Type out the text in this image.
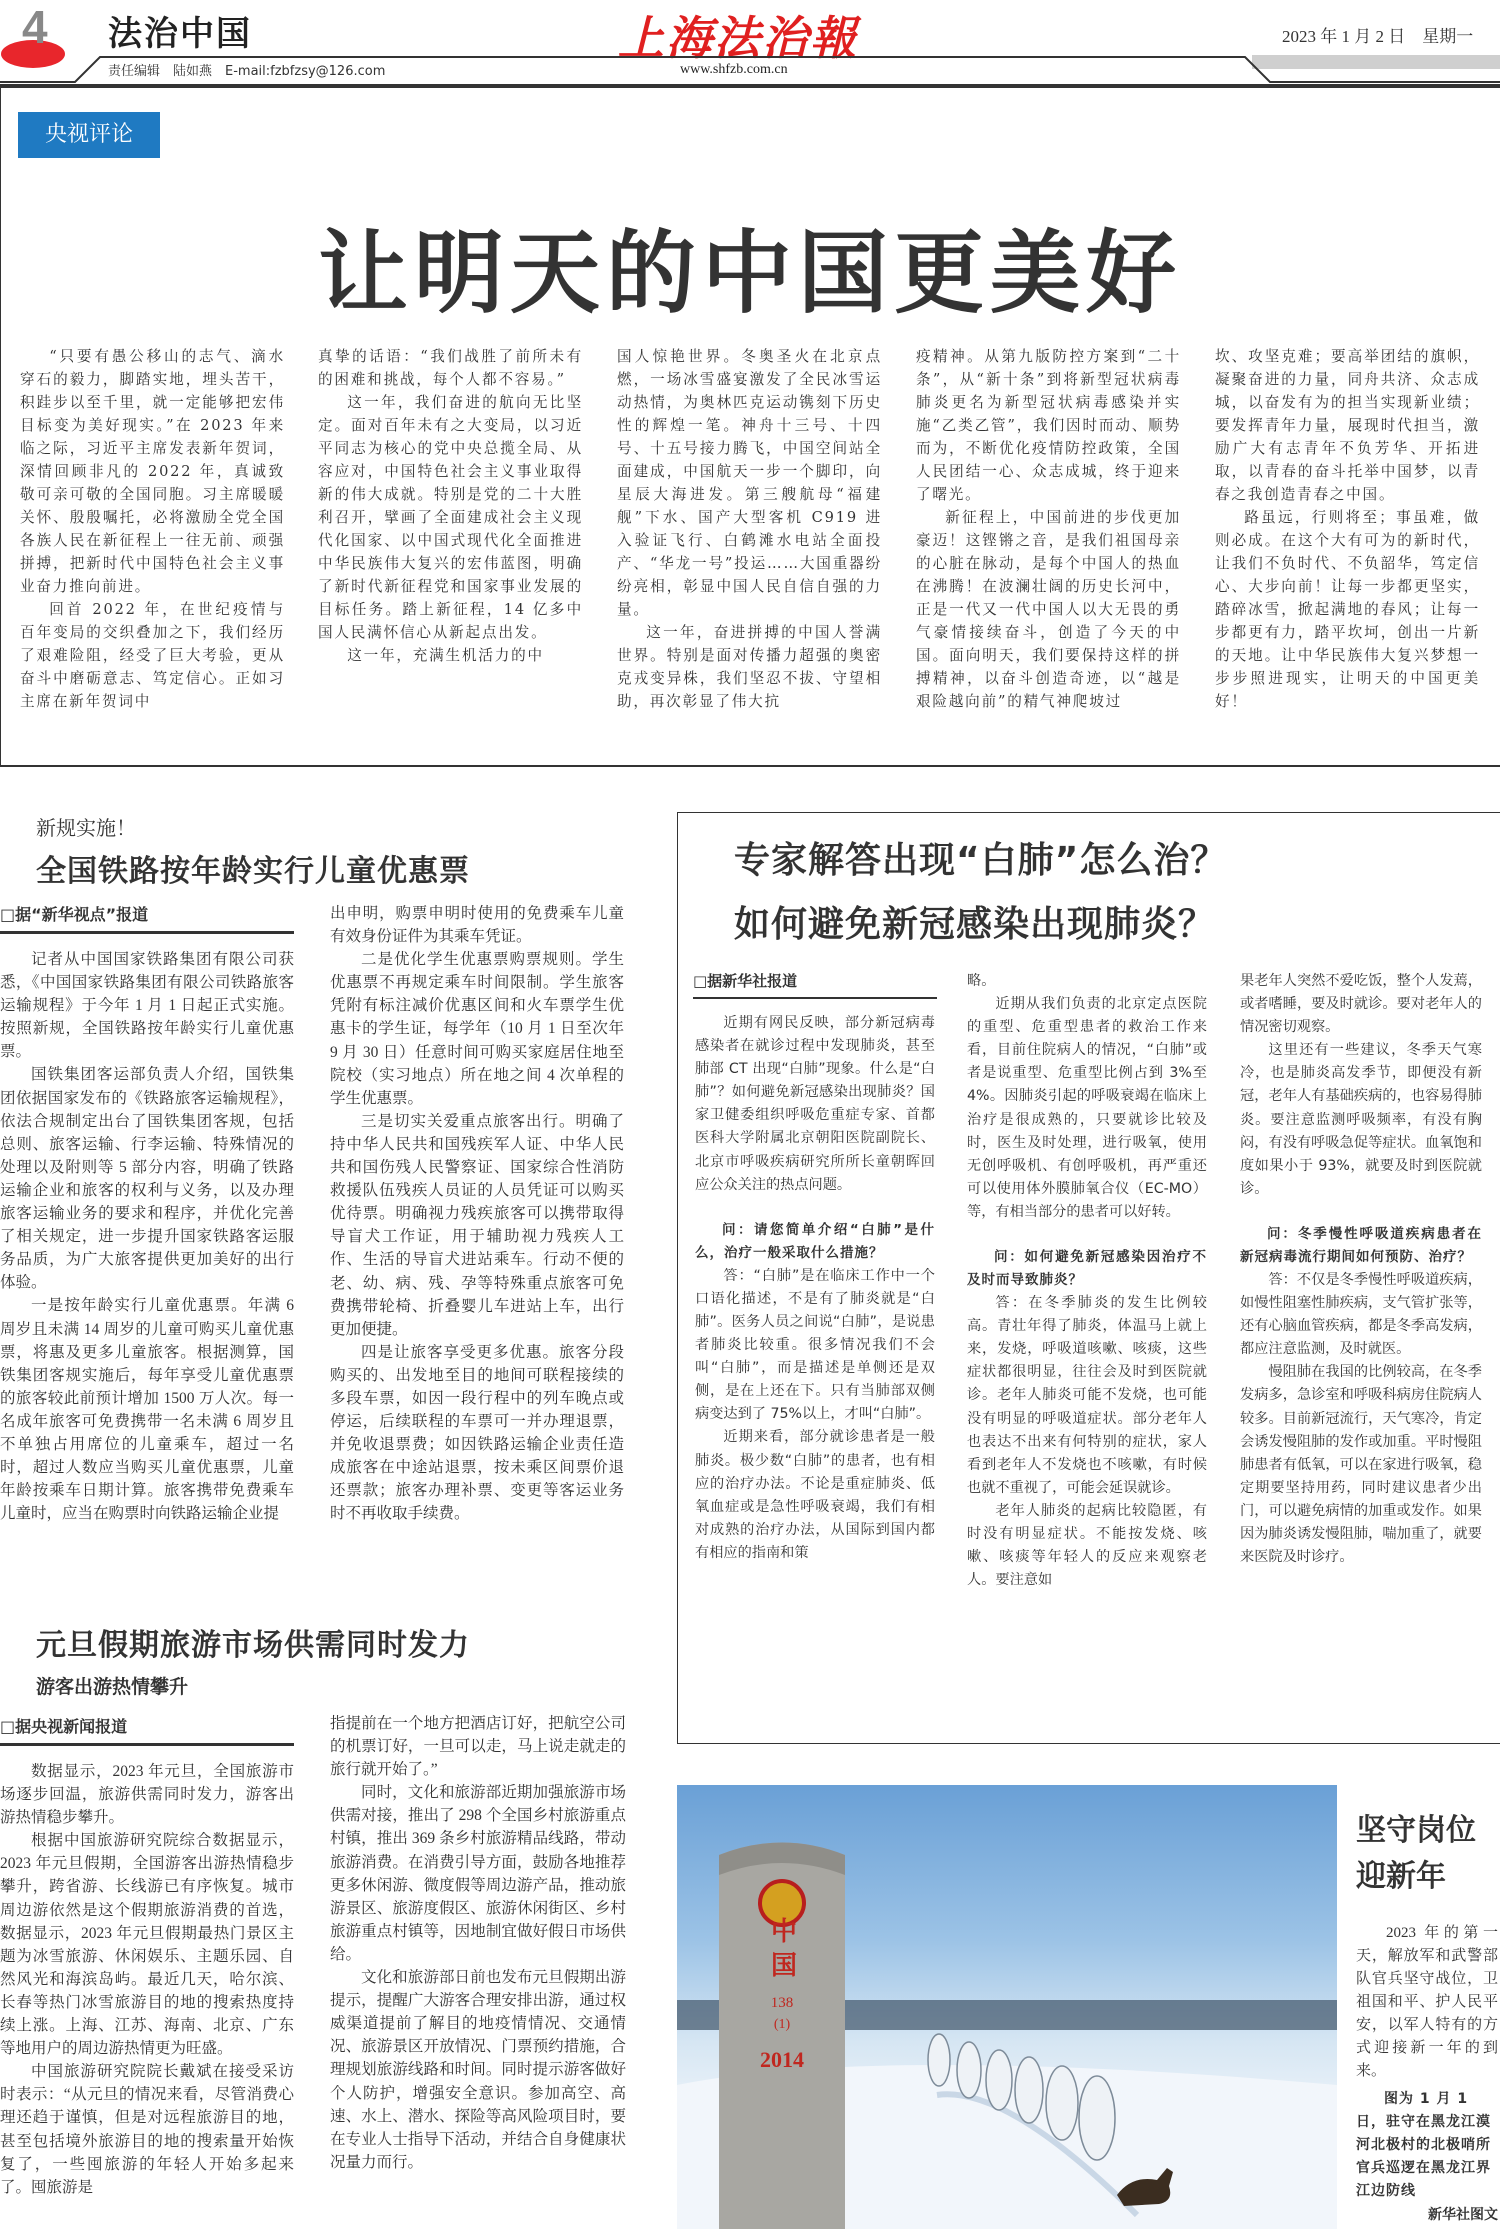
4 法治中国
责任编辑　陆如燕　E-mail:fzbfzsy@126.com
上海法治報
www.shfzb.com.cn
2023 年 1 月 2 日　星期一
央视评论
让明天的中国更美好

“只要有愚公移山的志气、滴水穿石的毅力，脚踏实地，埋头苦干，积跬步以至千里，就一定能够把宏伟目标变为美好现实。”在 2023 年来临之际，习近平主席发表新年贺词，深情回顾非凡的 2022 年，真诚致敬可亲可敬的全国同胞。习主席暖暖关怀、殷殷嘱托，必将激励全党全国各族人民在新征程上一往无前、顽强拼搏，把新时代中国特色社会主义事业奋力推向前进。

回首 2022 年，在世纪疫情与百年变局的交织叠加之下，我们经历了艰难险阻，经受了巨大考验，更从奋斗中磨砺意志、笃定信心。正如习主席在新年贺词中

真挚的话语：“我们战胜了前所未有的困难和挑战，每个人都不容易。”

这一年，我们奋进的航向无比坚定。面对百年未有之大变局，以习近平同志为核心的党中央总揽全局、从容应对，中国特色社会主义事业取得新的伟大成就。特别是党的二十大胜利召开，擘画了全面建成社会主义现代化国家、以中国式现代化全面推进中华民族伟大复兴的宏伟蓝图，明确了新时代新征程党和国家事业发展的目标任务。踏上新征程，14 亿多中国人民满怀信心从新起点出发。

这一年，充满生机活力的中

国人惊艳世界。冬奥圣火在北京点燃，一场冰雪盛宴激发了全民冰雪运动热情，为奥林匹克运动镌刻下历史性的辉煌一笔。神舟十三号、十四号、十五号接力腾飞，中国空间站全面建成，中国航天一步一个脚印，向星辰大海进发。第三艘航母“福建舰”下水、国产大型客机 C919 进入验证飞行、白鹤滩水电站全面投产、“华龙一号”投运……大国重器纷纷亮相，彰显中国人民自信自强的力量。

这一年，奋进拼搏的中国人誉满世界。特别是面对传播力超强的奥密克戎变异株，我们坚忍不拔、守望相助，再次彰显了伟大抗

疫精神。从第九版防控方案到“二十条”，从“新十条”到将新型冠状病毒肺炎更名为新型冠状病毒感染并实施“乙类乙管”，我们因时而动、顺势而为，不断优化疫情防控政策，全国人民团结一心、众志成城，终于迎来了曙光。

新征程上，中国前进的步伐更加豪迈！这铿锵之音，是我们祖国母亲的心脏在脉动，是每个中国人的热血在沸腾！在波澜壮阔的历史长河中，正是一代又一代中国人以大无畏的勇气豪情接续奋斗，创造了今天的中国。面向明天，我们要保持这样的拼搏精神，以奋斗创造奇迹，以“越是艰险越向前”的精气神爬坡过

坎、攻坚克难；要高举团结的旗帜，凝聚奋进的力量，同舟共济、众志成城，以奋发有为的担当实现新业绩；要发挥青年力量，展现时代担当，激励广大有志青年不负芳华、开拓进取，以青春的奋斗托举中国梦，以青春之我创造青春之中国。

路虽远，行则将至；事虽难，做则必成。在这个大有可为的新时代，让我们不负时代、不负韶华，笃定信心、大步向前！让每一步都更坚实，踏碎冰雪，掀起满地的春风；让每一步都更有力，踏平坎坷，创出一片新的天地。让中华民族伟大复兴梦想一步步照进现实，让明天的中国更美好！

新规实施！
全国铁路按年龄实行儿童优惠票
□据“新华视点”报道

记者从中国国家铁路集团有限公司获悉，《中国国家铁路集团有限公司铁路旅客运输规程》于今年 1 月 1 日起正式实施。按照新规，全国铁路按年龄实行儿童优惠票。

国铁集团客运部负责人介绍，国铁集团依据国家发布的《铁路旅客运输规程》，依法合规制定出台了国铁集团客规，包括总则、旅客运输、行李运输、特殊情况的处理以及附则等 5 部分内容，明确了铁路运输企业和旅客的权利与义务，以及办理旅客运输业务的要求和程序，并优化完善了相关规定，进一步提升国家铁路客运服务品质，为广大旅客提供更加美好的出行体验。

一是按年龄实行儿童优惠票。年满 6 周岁且未满 14 周岁的儿童可购买儿童优惠票，将惠及更多儿童旅客。根据测算，国铁集团客规实施后，每年享受儿童优惠票的旅客较此前预计增加 1500 万人次。每一名成年旅客可免费携带一名未满 6 周岁且不单独占用席位的儿童乘车，超过一名时，超过人数应当购买儿童优惠票，儿童年龄按乘车日期计算。旅客携带免费乘车儿童时，应当在购票时向铁路运输企业提

出申明，购票申明时使用的免费乘车儿童有效身份证件为其乘车凭证。

二是优化学生优惠票购票规则。学生优惠票不再规定乘车时间限制。学生旅客凭附有标注减价优惠区间和火车票学生优惠卡的学生证，每学年（10 月 1 日至次年 9 月 30 日）任意时间可购买家庭居住地至院校（实习地点）所在地之间 4 次单程的学生优惠票。

三是切实关爱重点旅客出行。明确了持中华人民共和国残疾军人证、中华人民共和国伤残人民警察证、国家综合性消防救援队伍残疾人员证的人员凭证可以购买优待票。明确视力残疾旅客可以携带取得导盲犬工作证，用于辅助视力残疾人工作、生活的导盲犬进站乘车。行动不便的老、幼、病、残、孕等特殊重点旅客可免费携带轮椅、折叠婴儿车进站上车，出行更加便捷。

四是让旅客享受更多优惠。旅客分段购买的、出发地至目的地间可联程接续的多段车票，如因一段行程中的列车晚点或停运，后续联程的车票可一并办理退票，并免收退票费；如因铁路运输企业责任造成旅客在中途站退票，按未乘区间票价退还票款；旅客办理补票、变更等客运业务时不再收取手续费。

元旦假期旅游市场供需同时发力
游客出游热情攀升
□据央视新闻报道

数据显示，2023 年元旦，全国旅游市场逐步回温，旅游供需同时发力，游客出游热情稳步攀升。

根据中国旅游研究院综合数据显示，2023 年元旦假期，全国游客出游热情稳步攀升，跨省游、长线游已有序恢复。城市周边游依然是这个假期旅游消费的首选，数据显示，2023 年元旦假期最热门景区主题为冰雪旅游、休闲娱乐、主题乐园、自然风光和海滨岛屿。最近几天，哈尔滨、长春等热门冰雪旅游目的地的搜索热度持续上涨。上海、江苏、海南、北京、广东等地用户的周边游热情更为旺盛。

中国旅游研究院院长戴斌在接受采访时表示：“从元旦的情况来看，尽管消费心理还趋于谨慎，但是对远程旅游目的地，甚至包括境外旅游目的地的搜索量开始恢复了，一些囤旅游的年轻人开始多起来了。囤旅游是

指提前在一个地方把酒店订好，把航空公司的机票订好，一旦可以走，马上说走就走的旅行就开始了。”

同时，文化和旅游部近期加强旅游市场供需对接，推出了 298 个全国乡村旅游重点村镇，推出 369 条乡村旅游精品线路，带动旅游消费。在消费引导方面，鼓励各地推荐更多休闲游、微度假等周边游产品，推动旅游景区、旅游度假区、旅游休闲街区、乡村旅游重点村镇等，因地制宜做好假日市场供给。

文化和旅游部日前也发布元旦假期出游提示，提醒广大游客合理安排出游，通过权威渠道提前了解目的地疫情情况、交通情况、旅游景区开放情况、门票预约措施，合理规划旅游线路和时间。同时提示游客做好个人防护，增强安全意识。参加高空、高速、水上、潜水、探险等高风险项目时，要在专业人士指导下活动，并结合自身健康状况量力而行。

专家解答出现“白肺”怎么治？
如何避免新冠感染出现肺炎？
□据新华社报道

近期有网民反映，部分新冠病毒感染者在就诊过程中发现肺炎，甚至肺部 CT 出现“白肺”现象。什么是“白肺”？如何避免新冠感染出现肺炎？国家卫健委组织呼吸危重症专家、首都医科大学附属北京朝阳医院副院长、北京市呼吸疾病研究所所长童朝晖回应公众关注的热点问题。

问：请您简单介绍“白肺”是什么，治疗一般采取什么措施？

答：“白肺”是在临床工作中一个口语化描述，不是有了肺炎就是“白肺”。医务人员之间说“白肺”，是说患者肺炎比较重。很多情况我们不会叫“白肺”，而是描述是单侧还是双侧，是在上还在下。只有当肺部双侧病变达到了 75%以上，才叫“白肺”。

近期来看，部分就诊患者是一般肺炎。极少数“白肺”的患者，也有相应的治疗办法。不论是重症肺炎、低氧血症或是急性呼吸衰竭，我们有相对成熟的治疗办法，从国际到国内都有相应的指南和策

略。

近期从我们负责的北京定点医院的重型、危重型患者的救治工作来看，目前住院病人的情况，“白肺”或者是说重型、危重型比例占到 3%至 4%。因肺炎引起的呼吸衰竭在临床上治疗是很成熟的，只要就诊比较及时，医生及时处理，进行吸氧，使用无创呼吸机、有创呼吸机，再严重还可以使用体外膜肺氧合仪（EC-MO）等，有相当部分的患者可以好转。

问：如何避免新冠感染因治疗不及时而导致肺炎？

答：在冬季肺炎的发生比例较高。青壮年得了肺炎，体温马上就上来，发烧，呼吸道咳嗽、咳痰，这些症状都很明显，往往会及时到医院就诊。老年人肺炎可能不发烧，也可能没有明显的呼吸道症状。部分老年人也表达不出来有何特别的症状，家人看到老年人不发烧也不咳嗽，有时候也就不重视了，可能会延误就诊。

老年人肺炎的起病比较隐匿，有时没有明显症状。不能按发烧、咳嗽、咳痰等年轻人的反应来观察老人。要注意如

果老年人突然不爱吃饭，整个人发蔫，或者嗜睡，要及时就诊。要对老年人的情况密切观察。

这里还有一些建议，冬季天气寒冷，也是肺炎高发季节，即便没有新冠，老年人有基础疾病的，也容易得肺炎。要注意监测呼吸频率，有没有胸闷，有没有呼吸急促等症状。血氧饱和度如果小于 93%，就要及时到医院就诊。

问：冬季慢性呼吸道疾病患者在新冠病毒流行期间如何预防、治疗？

答：不仅是冬季慢性呼吸道疾病，如慢性阻塞性肺疾病，支气管扩张等，还有心脑血管疾病，都是冬季高发病，都应注意监测，及时就医。

慢阻肺在我国的比例较高，在冬季发病多，急诊室和呼吸科病房住院病人较多。目前新冠流行，天气寒冷，肯定会诱发慢阻肺的发作或加重。平时慢阻肺患者有低氧，可以在家进行吸氧，稳定期要坚持用药，同时建议患者少出门，可以避免病情的加重或发作。如果因为肺炎诱发慢阻肺，喘加重了，就要来医院及时诊疗。

中国
138
(1)
2014
坚守岗位
迎新年

2023 年的第一天，解放军和武警部队官兵坚守战位，卫祖国和平、护人民平安，以军人特有的方式迎接新一年的到来。

图为 1 月 1 日，驻守在黑龙江漠河北极村的北极哨所官兵巡逻在黑龙江界江边防线
新华社图文
